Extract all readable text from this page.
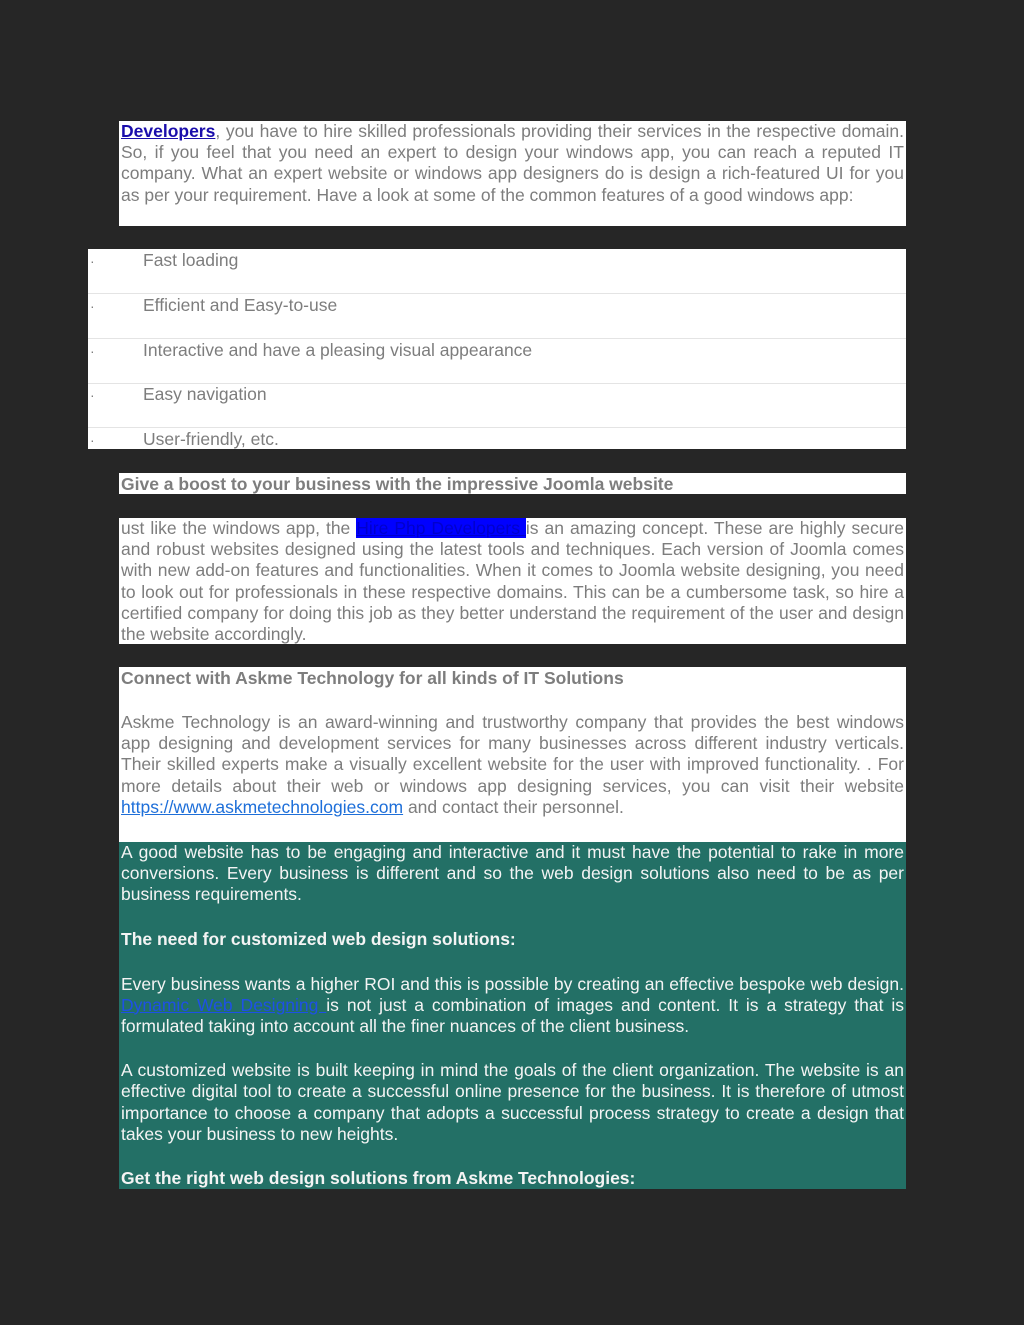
Developers, you have to hire skilled professionals providing their services in the respective domain. So, if you feel that you need an expert to design your windows app, you can reach a reputed IT company. What an expert website or windows app designers do is design a rich-featured UI for you as per your requirement. Have a look at some of the common features of a good windows app:
·	Fast loading
·	Efficient and Easy-to-use
·	Interactive and have a pleasing visual appearance
·	Easy navigation
·	User-friendly, etc.
Give a boost to your business with the impressive Joomla website
ust like the windows app, the Hire Php Developers is an amazing concept. These are highly secure and robust websites designed using the latest tools and techniques. Each version of Joomla comes with new add-on features and functionalities. When it comes to Joomla website designing, you need to look out for professionals in these respective domains. This can be a cumbersome task, so hire a certified company for doing this job as they better understand the requirement of the user and design the website accordingly.
Connect with Askme Technology for all kinds of IT Solutions
Askme Technology is an award-winning and trustworthy company that provides the best windows app designing and development services for many businesses across different industry verticals. Their skilled experts make a visually excellent website for the user with improved functionality. . For more details about their web or windows app designing services, you can visit their website https://www.askmetechnologies.com and contact their personnel.
A good website has to be engaging and interactive and it must have the potential to rake in more conversions. Every business is different and so the web design solutions also need to be as per business requirements.
The need for customized web design solutions:
Every business wants a higher ROI and this is possible by creating an effective bespoke web design. Dynamic Web Designing is not just a combination of images and content. It is a strategy that is formulated taking into account all the finer nuances of the client business.
A customized website is built keeping in mind the goals of the client organization. The website is an effective digital tool to create a successful online presence for the business. It is therefore of utmost importance to choose a company that adopts a successful process strategy to create a design that takes your business to new heights.
Get the right web design solutions from Askme Technologies:
